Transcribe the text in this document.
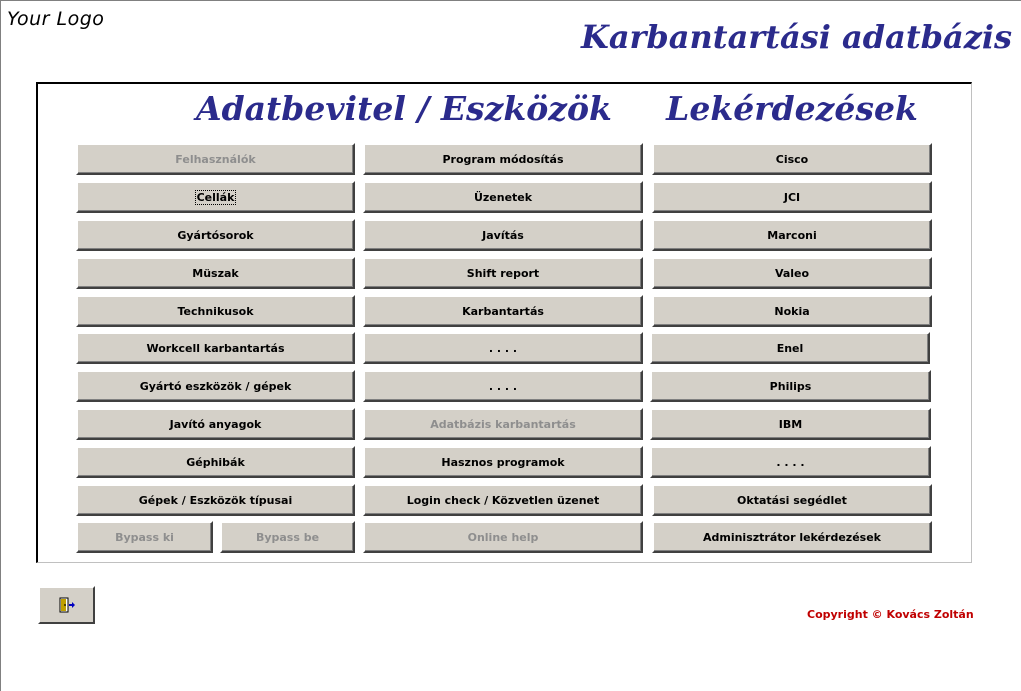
Your Logo	Karbantartási adatbázis
Adatbevitel / Eszközök	Lekérdezések
Felhasználók
Cellák
Gyártósorok
Müszak
Technikusok
Workcell karbantartás
Gyártó eszközök / gépek
Javító anyagok
Géphibák
Gépek / Eszközök típusai
Bypass ki	Bypass be
Program módosítás
Üzenetek
Javítás
Shift report
Karbantartás
. . . .
. . . .
Adatbázis karbantartás
Hasznos programok
Login check / Közvetlen üzenet
Online help
Cisco
JCI
Marconi
Valeo
Nokia
Enel
Philips
IBM
. . . .
Oktatási segédlet
Adminisztrátor lekérdezések
Copyright © Kovács Zoltán
